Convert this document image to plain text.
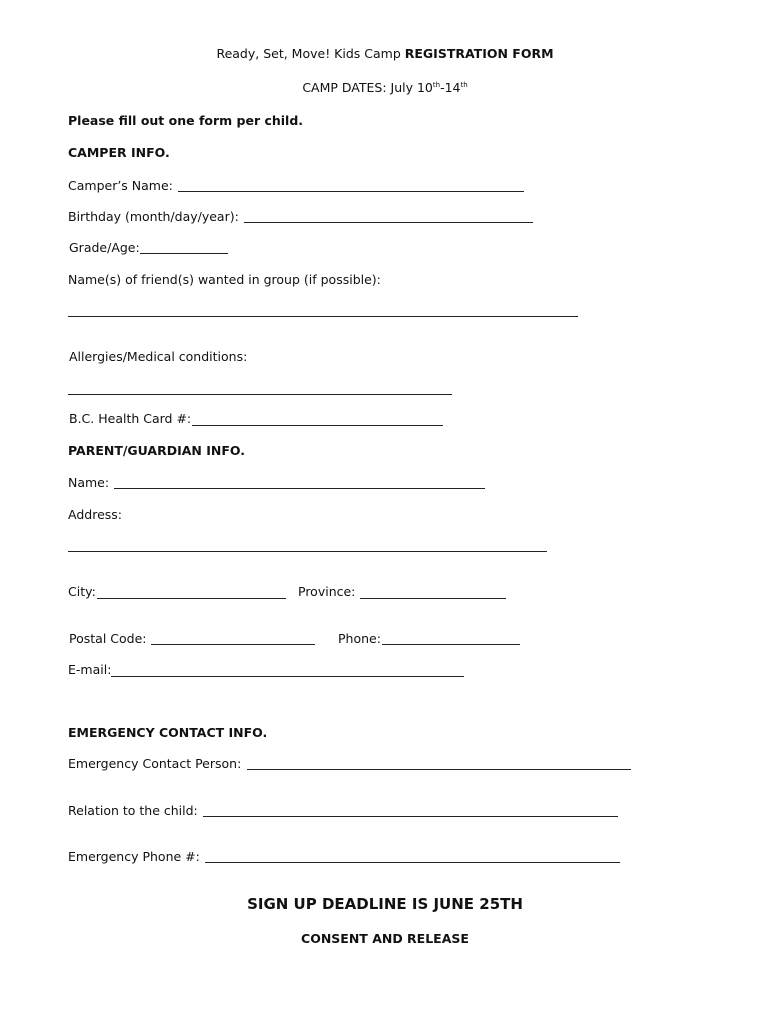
Ready, Set, Move! Kids Camp REGISTRATION FORM
CAMP DATES: July 10th-14th
Please fill out one form per child.
CAMPER INFO.
Camper’s Name:
Birthday (month/day/year):
Grade/Age:
Name(s) of friend(s) wanted in group (if possible):
Allergies/Medical conditions:
B.C. Health Card #:
PARENT/GUARDIAN INFO.
Name:
Address:
City:	Province:
Postal Code:	Phone:
E-mail:
EMERGENCY CONTACT INFO.
Emergency Contact Person:
Relation to the child:
Emergency Phone #:
SIGN UP DEADLINE IS JUNE 25TH
CONSENT AND RELEASE
